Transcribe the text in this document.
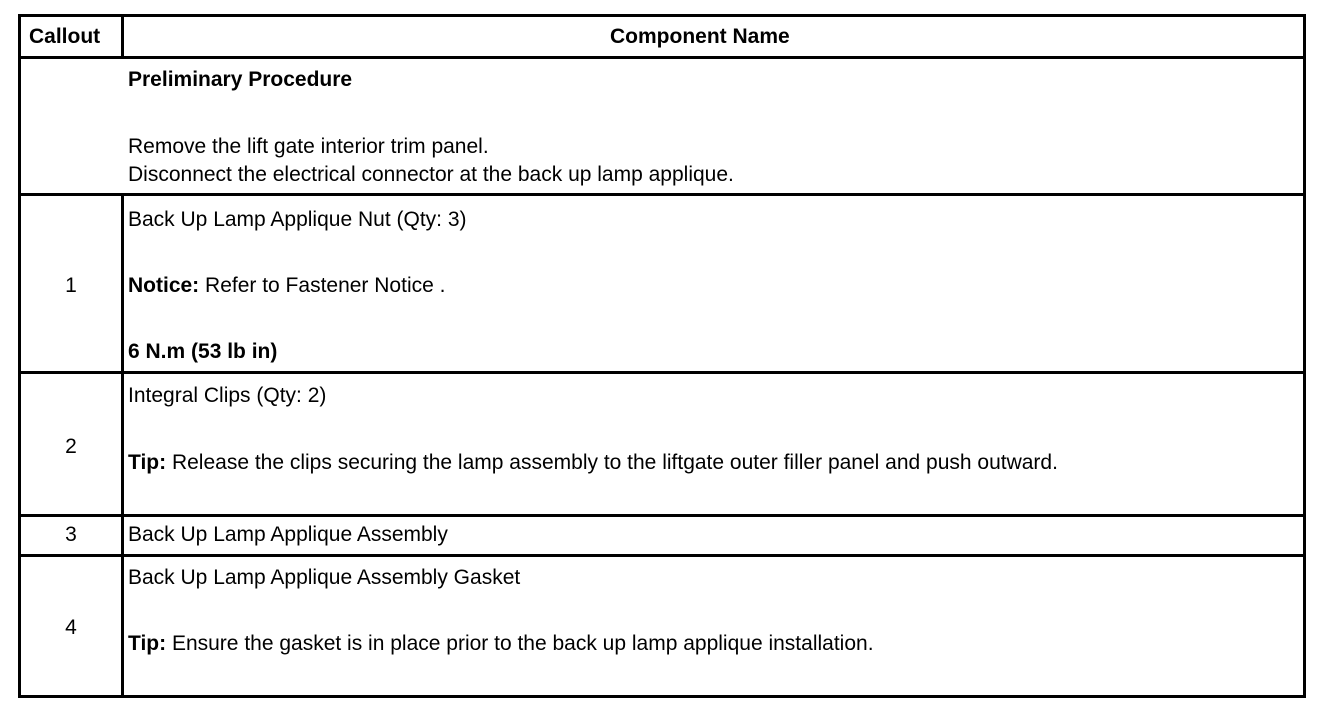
Callout	Component Name
Preliminary Procedure
Remove the lift gate interior trim panel.
Disconnect the electrical connector at the back up lamp applique.
1
Back Up Lamp Applique Nut (Qty: 3)
Notice: Refer to Fastener Notice .
6 N.m (53 lb in)
2
Integral Clips (Qty: 2)
Tip: Release the clips securing the lamp assembly to the liftgate outer filler panel and push outward.
3	Back Up Lamp Applique Assembly
4
Back Up Lamp Applique Assembly Gasket
Tip: Ensure the gasket is in place prior to the back up lamp applique installation.
